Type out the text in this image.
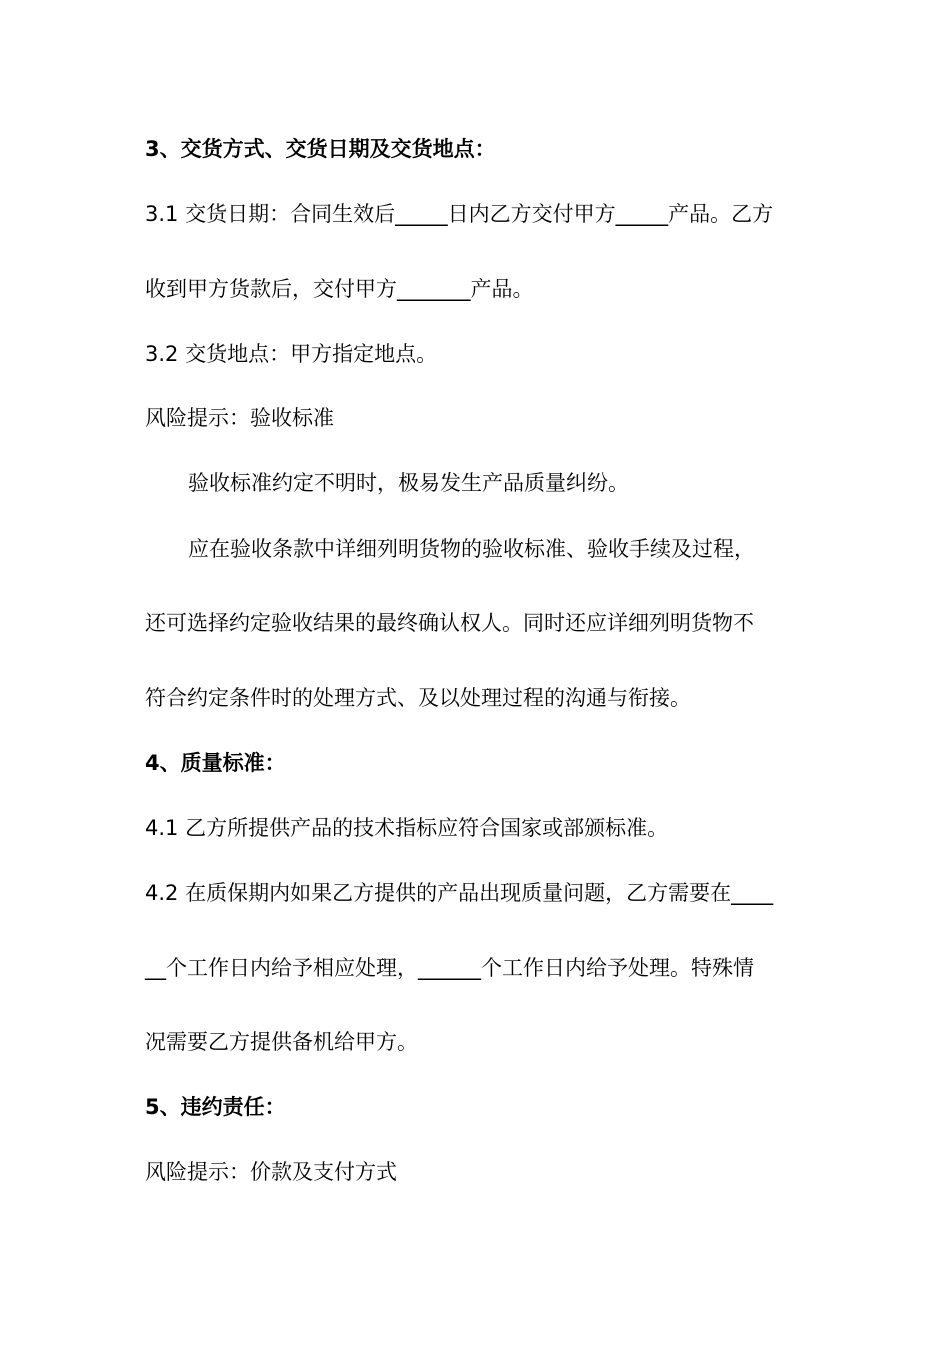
3、交货方式、交货日期及交货地点：

3.1 交货日期：合同生效后_____日内乙方交付甲方_____产品。乙方

收到甲方货款后，交付甲方_______产品。

3.2 交货地点：甲方指定地点。

风险提示：验收标准

验收标准约定不明时，极易发生产品质量纠纷。

应在验收条款中详细列明货物的验收标准、验收手续及过程，

还可选择约定验收结果的最终确认权人。同时还应详细列明货物不

符合约定条件时的处理方式、及以处理过程的沟通与衔接。

4、质量标准：

4.1 乙方所提供产品的技术指标应符合国家或部颁标准。

4.2 在质保期内如果乙方提供的产品出现质量问题，乙方需要在____

__个工作日内给予相应处理，______个工作日内给予处理。特殊情

况需要乙方提供备机给甲方。

5、违约责任：

风险提示：价款及支付方式
